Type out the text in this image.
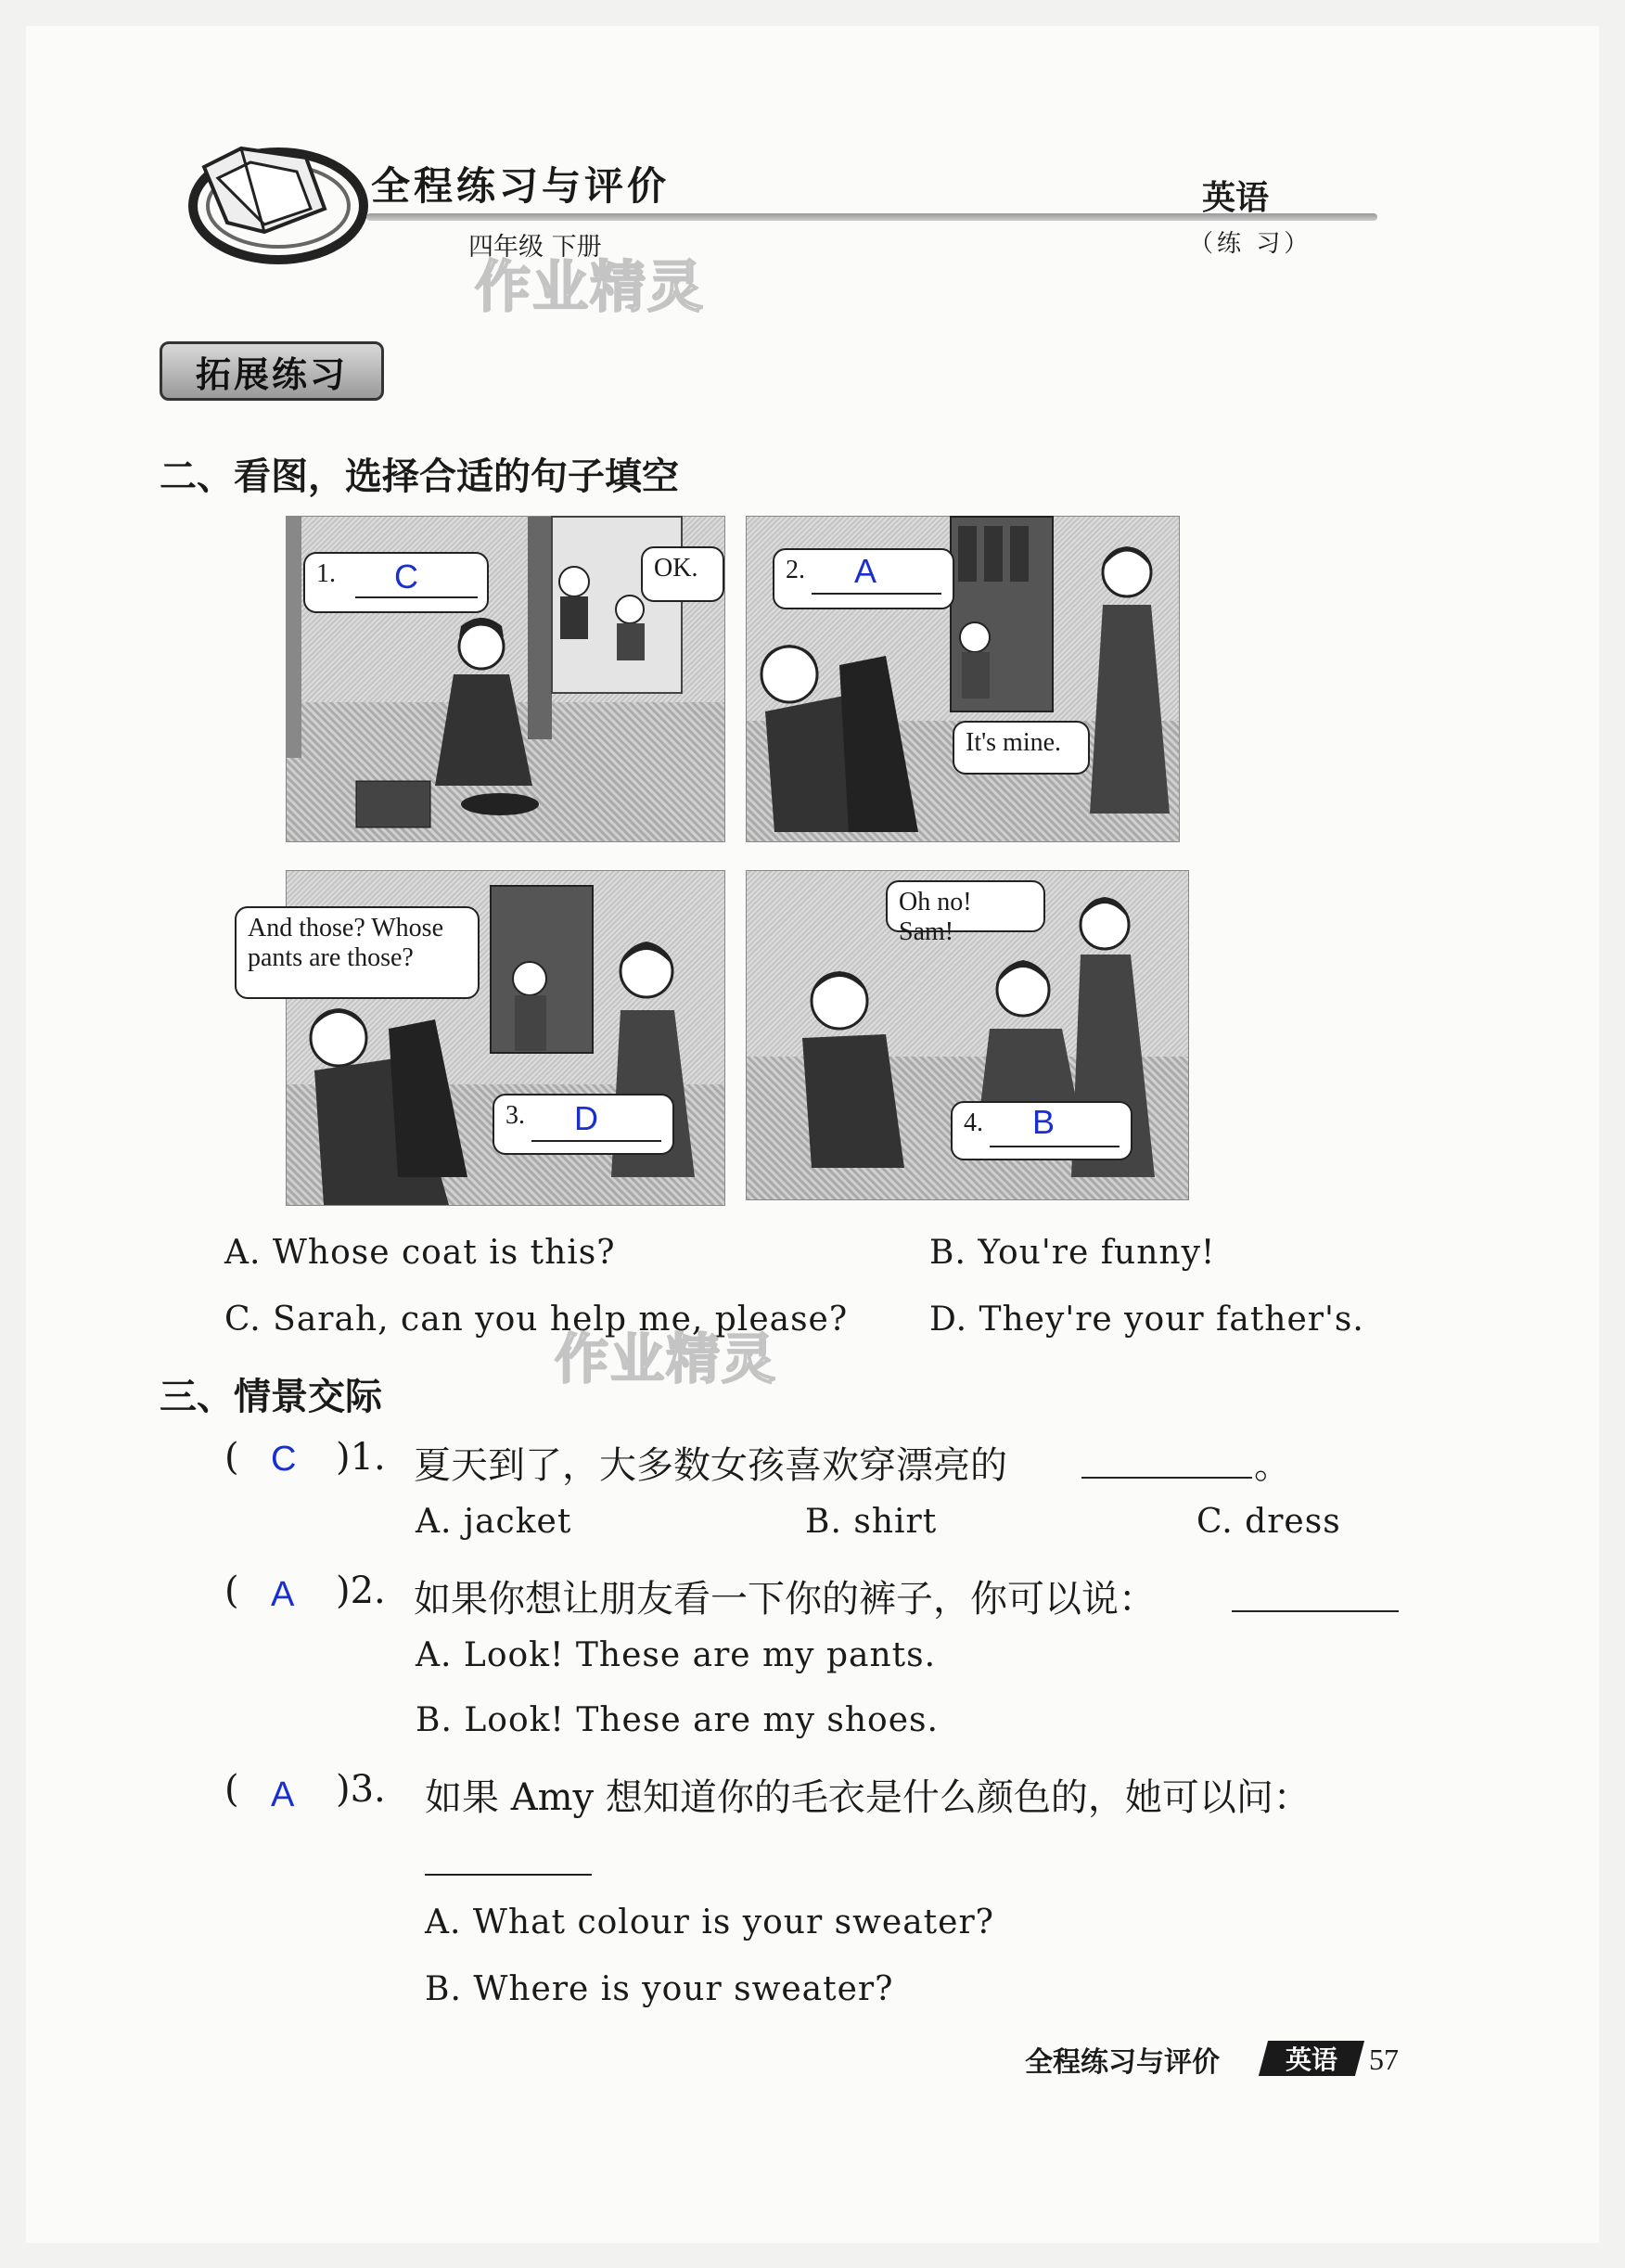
全程练习与评价
四年级 下册
英语
（练 习）
作业精灵
拓展练习
二、看图，选择合适的句子填空
1. C	OK.	2. A
It's mine.
And those? Whose pants are those?
3. D
Oh no! Sam!
4. B
A. Whose coat is this?	B. You're funny!
C. Sarah, can you help me, please? D. They're your father's.
作业精灵
三、情景交际
( C )1. 夏天到了，大多数女孩喜欢穿漂亮的	。
A. jacket	B. shirt	C. dress
( A )2. 如果你想让朋友看一下你的裤子，你可以说：
A. Look! These are my pants.
B. Look! These are my shoes.
( A )3. 如果 Amy 想知道你的毛衣是什么颜色的，她可以问：
A. What colour is your sweater?
B. Where is your sweater?
全程练习与评价	英语 57
